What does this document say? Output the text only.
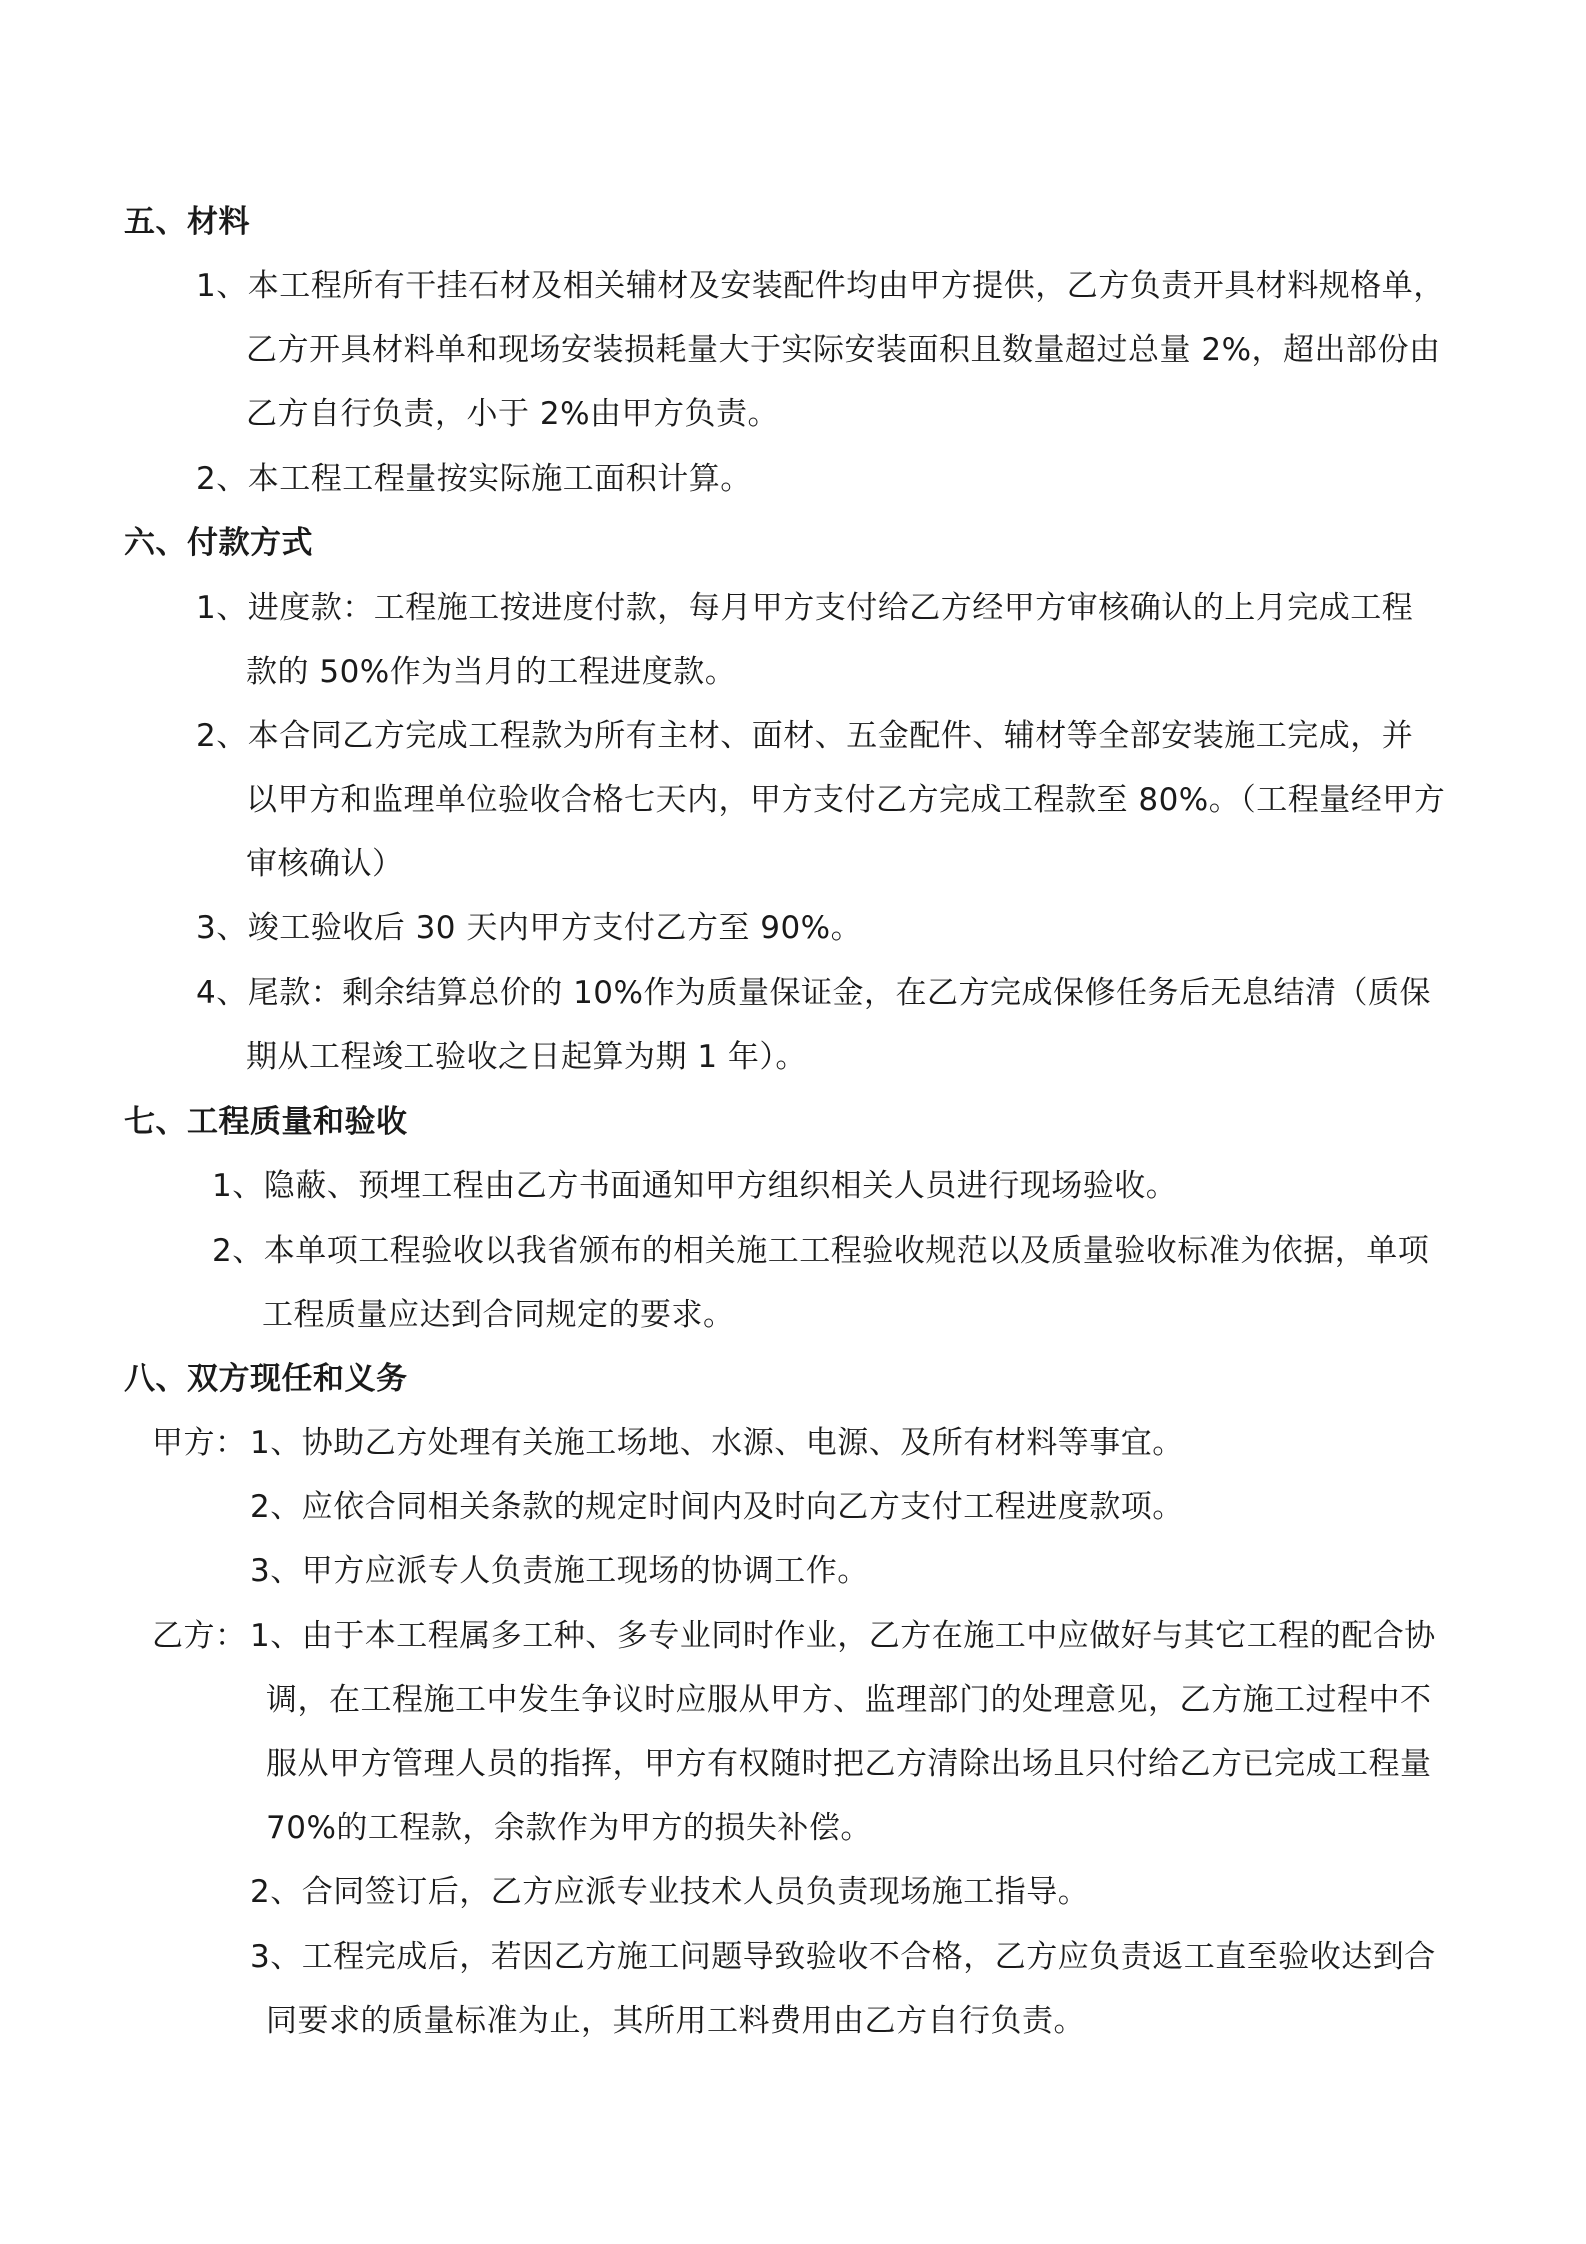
五、材料
1、本工程所有干挂石材及相关辅材及安装配件均由甲方提供，乙方负责开具材料规格单，
乙方开具材料单和现场安装损耗量大于实际安装面积且数量超过总量 2%，超出部份由
乙方自行负责，小于 2%由甲方负责。
2、本工程工程量按实际施工面积计算。
六、付款方式
1、进度款：工程施工按进度付款，每月甲方支付给乙方经甲方审核确认的上月完成工程
款的 50%作为当月的工程进度款。
2、本合同乙方完成工程款为所有主材、面材、五金配件、辅材等全部安装施工完成，并
以甲方和监理单位验收合格七天内，甲方支付乙方完成工程款至 80%。（工程量经甲方
审核确认）
3、竣工验收后 30 天内甲方支付乙方至 90%。
4、尾款：剩余结算总价的 10%作为质量保证金，在乙方完成保修任务后无息结清（质保
期从工程竣工验收之日起算为期 1 年）。
七、工程质量和验收
1、隐蔽、预埋工程由乙方书面通知甲方组织相关人员进行现场验收。
2、本单项工程验收以我省颁布的相关施工工程验收规范以及质量验收标准为依据，单项
工程质量应达到合同规定的要求。
八、双方现任和义务
甲方： 1、协助乙方处理有关施工场地、水源、电源、及所有材料等事宜。
2、应依合同相关条款的规定时间内及时向乙方支付工程进度款项。
3、甲方应派专人负责施工现场的协调工作。
乙方： 1、由于本工程属多工种、多专业同时作业，乙方在施工中应做好与其它工程的配合协
调，在工程施工中发生争议时应服从甲方、监理部门的处理意见，乙方施工过程中不
服从甲方管理人员的指挥，甲方有权随时把乙方清除出场且只付给乙方已完成工程量
70%的工程款，余款作为甲方的损失补偿。
2、合同签订后，乙方应派专业技术人员负责现场施工指导。
3、工程完成后，若因乙方施工问题导致验收不合格，乙方应负责返工直至验收达到合
同要求的质量标准为止，其所用工料费用由乙方自行负责。
